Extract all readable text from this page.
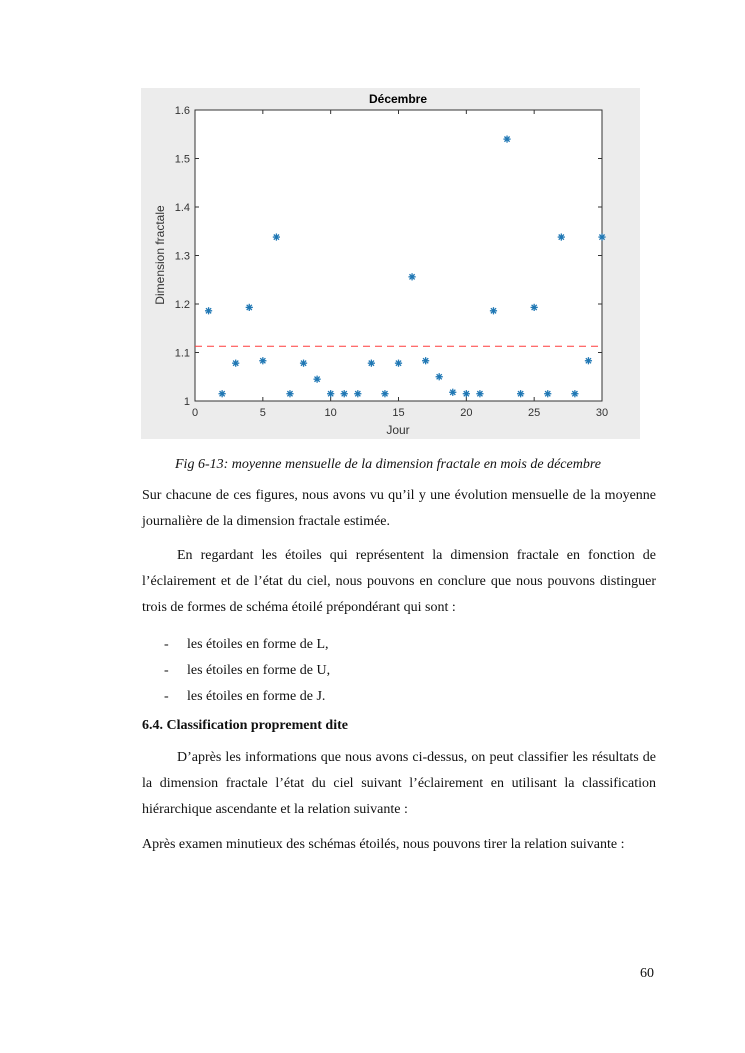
Décembre
Jour
Dimension fractale
0	5	10	15	20	25	30
1
1.1
1.2
1.3
1.4
1.5
1.6
Fig 6-13: moyenne mensuelle de la dimension fractale en mois de décembre

Sur chacune de ces figures, nous avons vu qu’il y une évolution mensuelle de la moyenne journalière de la dimension fractale estimée.

En regardant les étoiles qui représentent la dimension fractale en fonction de l’éclairement et de l’état du ciel, nous pouvons en conclure que nous pouvons distinguer trois de formes de schéma étoilé prépondérant qui sont :

- les étoiles en forme de L,
- les étoiles en forme de U,
- les étoiles en forme de J.
6.4. Classification proprement dite

D’après les informations que nous avons ci-dessus, on peut classifier les résultats de la dimension fractale l’état du ciel suivant l’éclairement en utilisant la classification hiérarchique ascendante et la relation suivante :

Après examen minutieux des schémas étoilés, nous pouvons tirer la relation suivante :

60
